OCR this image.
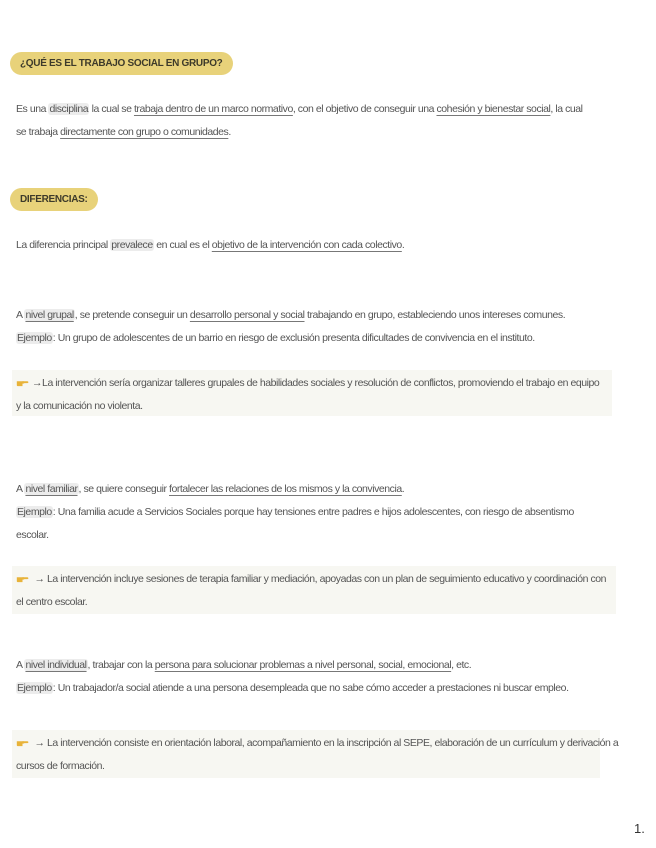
¿QUÉ ES EL TRABAJO SOCIAL EN GRUPO?
Es una disciplina la cual se trabaja dentro de un marco normativo, con el objetivo de conseguir una cohesión y bienestar social, la cual
se trabaja directamente con grupo o comunidades.
DIFERENCIAS:
La diferencia principal prevalece en cual es el objetivo de la intervención con cada colectivo.
A nivel grupal, se pretende conseguir un desarrollo personal y social trabajando en grupo, estableciendo unos intereses comunes.
Ejemplo: Un grupo de adolescentes de un barrio en riesgo de exclusión presenta dificultades de convivencia en el instituto.
→La intervención sería organizar talleres grupales de habilidades sociales y resolución de conflictos, promoviendo el trabajo en equipo
y la comunicación no violenta.
A nivel familiar, se quiere conseguir fortalecer las relaciones de los mismos y la convivencia.
Ejemplo: Una familia acude a Servicios Sociales porque hay tensiones entre padres e hijos adolescentes, con riesgo de absentismo
escolar.
→ La intervención incluye sesiones de terapia familiar y mediación, apoyadas con un plan de seguimiento educativo y coordinación con
el centro escolar.
A nivel individual, trabajar con la persona para solucionar problemas a nivel personal, social, emocional, etc.
Ejemplo: Un trabajador/a social atiende a una persona desempleada que no sabe cómo acceder a prestaciones ni buscar empleo.
→ La intervención consiste en orientación laboral, acompañamiento en la inscripción al SEPE, elaboración de un currículum y derivación a
cursos de formación.
1.
